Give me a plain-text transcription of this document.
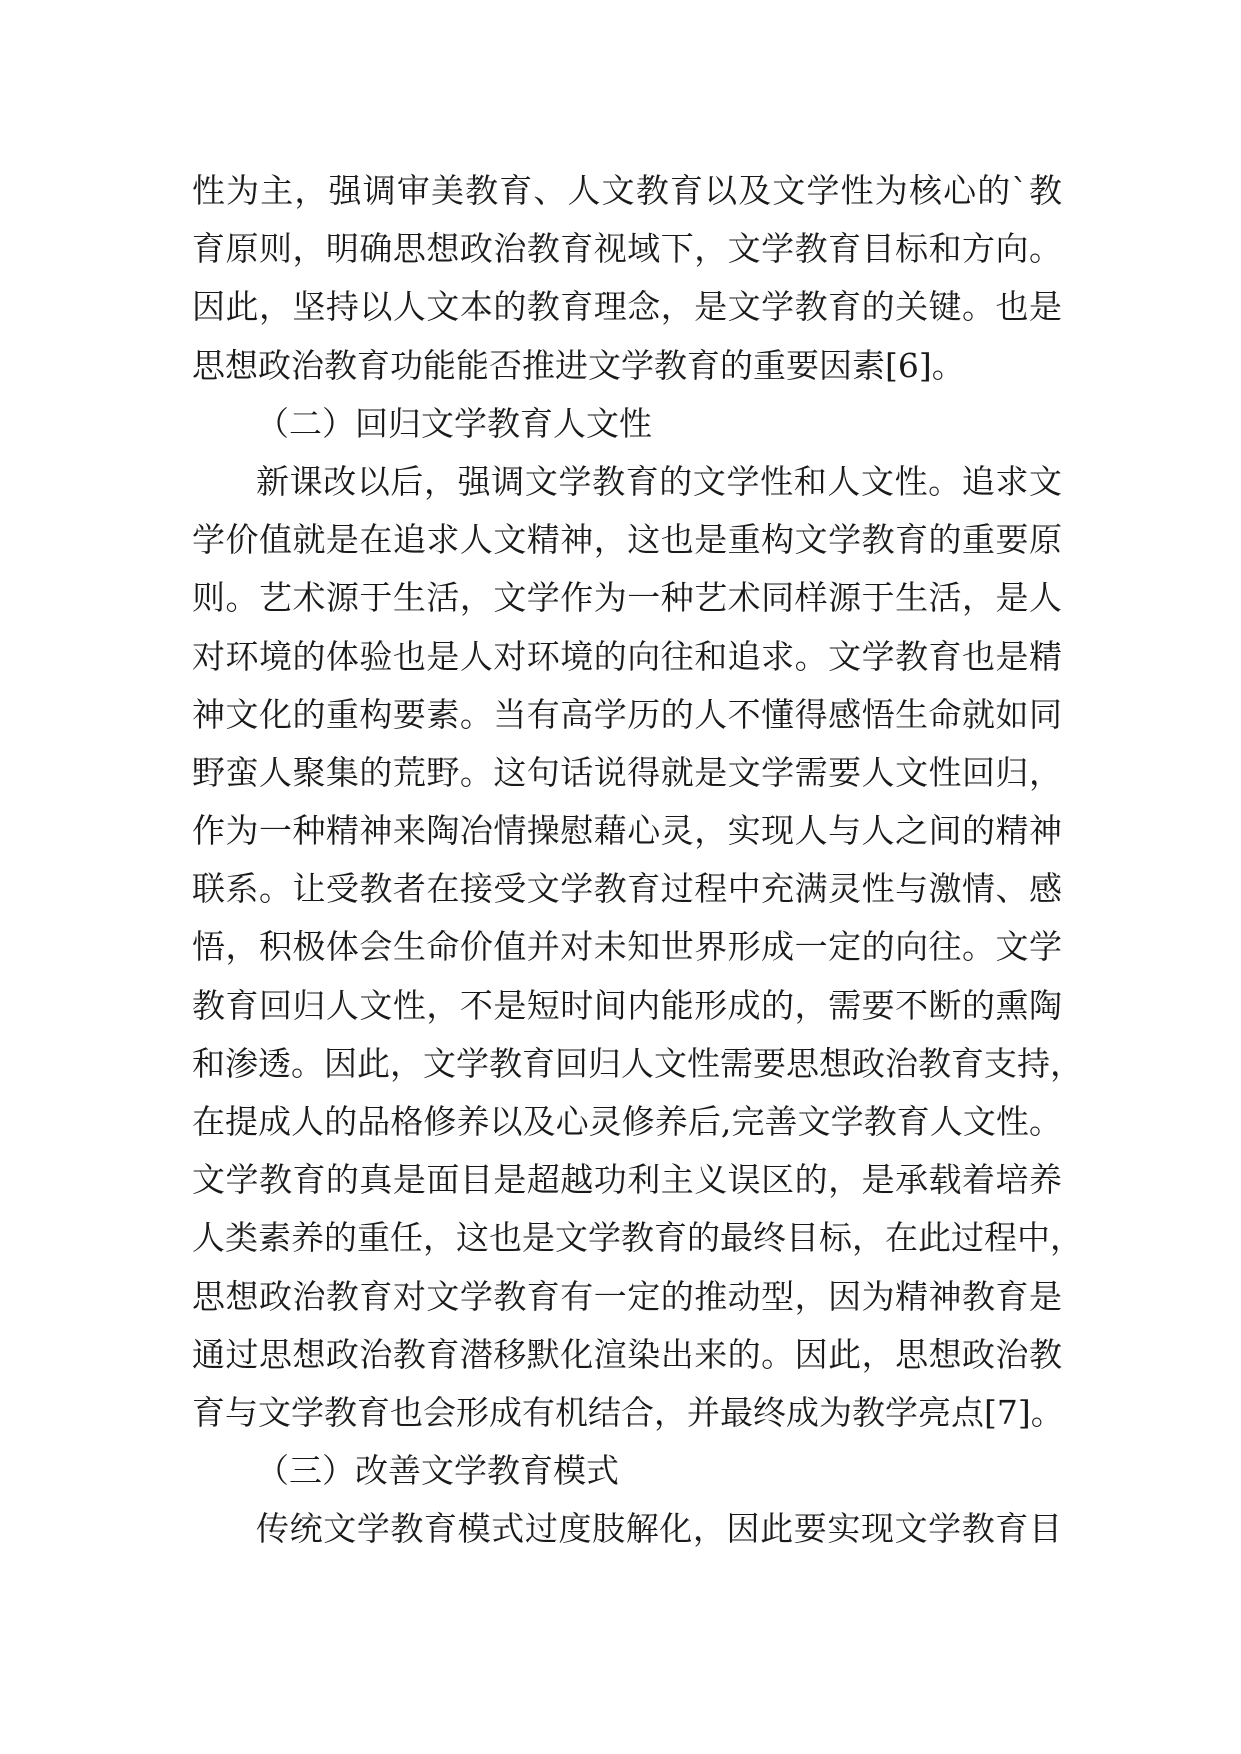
性为主，强调审美教育、人文教育以及文学性为核心的`教
育原则，明确思想政治教育视域下，文学教育目标和方向。
因此，坚持以人文本的教育理念，是文学教育的关键。也是
思想政治教育功能能否推进文学教育的重要因素[6]。
（二）回归文学教育人文性
新课改以后，强调文学教育的文学性和人文性。追求文
学价值就是在追求人文精神，这也是重构文学教育的重要原
则。艺术源于生活，文学作为一种艺术同样源于生活，是人
对环境的体验也是人对环境的向往和追求。文学教育也是精
神文化的重构要素。当有高学历的人不懂得感悟生命就如同
野蛮人聚集的荒野。这句话说得就是文学需要人文性回归，
作为一种精神来陶冶情操慰藉心灵，实现人与人之间的精神
联系。让受教者在接受文学教育过程中充满灵性与激情、感
悟，积极体会生命价值并对未知世界形成一定的向往。文学
教育回归人文性，不是短时间内能形成的，需要不断的熏陶
和渗透。因此，文学教育回归人文性需要思想政治教育支持，
在提成人的品格修养以及心灵修养后,完善文学教育人文性。
文学教育的真是面目是超越功利主义误区的，是承载着培养
人类素养的重任，这也是文学教育的最终目标，在此过程中，
思想政治教育对文学教育有一定的推动型，因为精神教育是
通过思想政治教育潜移默化渲染出来的。因此，思想政治教
育与文学教育也会形成有机结合，并最终成为教学亮点[7]。
（三）改善文学教育模式
传统文学教育模式过度肢解化，因此要实现文学教育目
